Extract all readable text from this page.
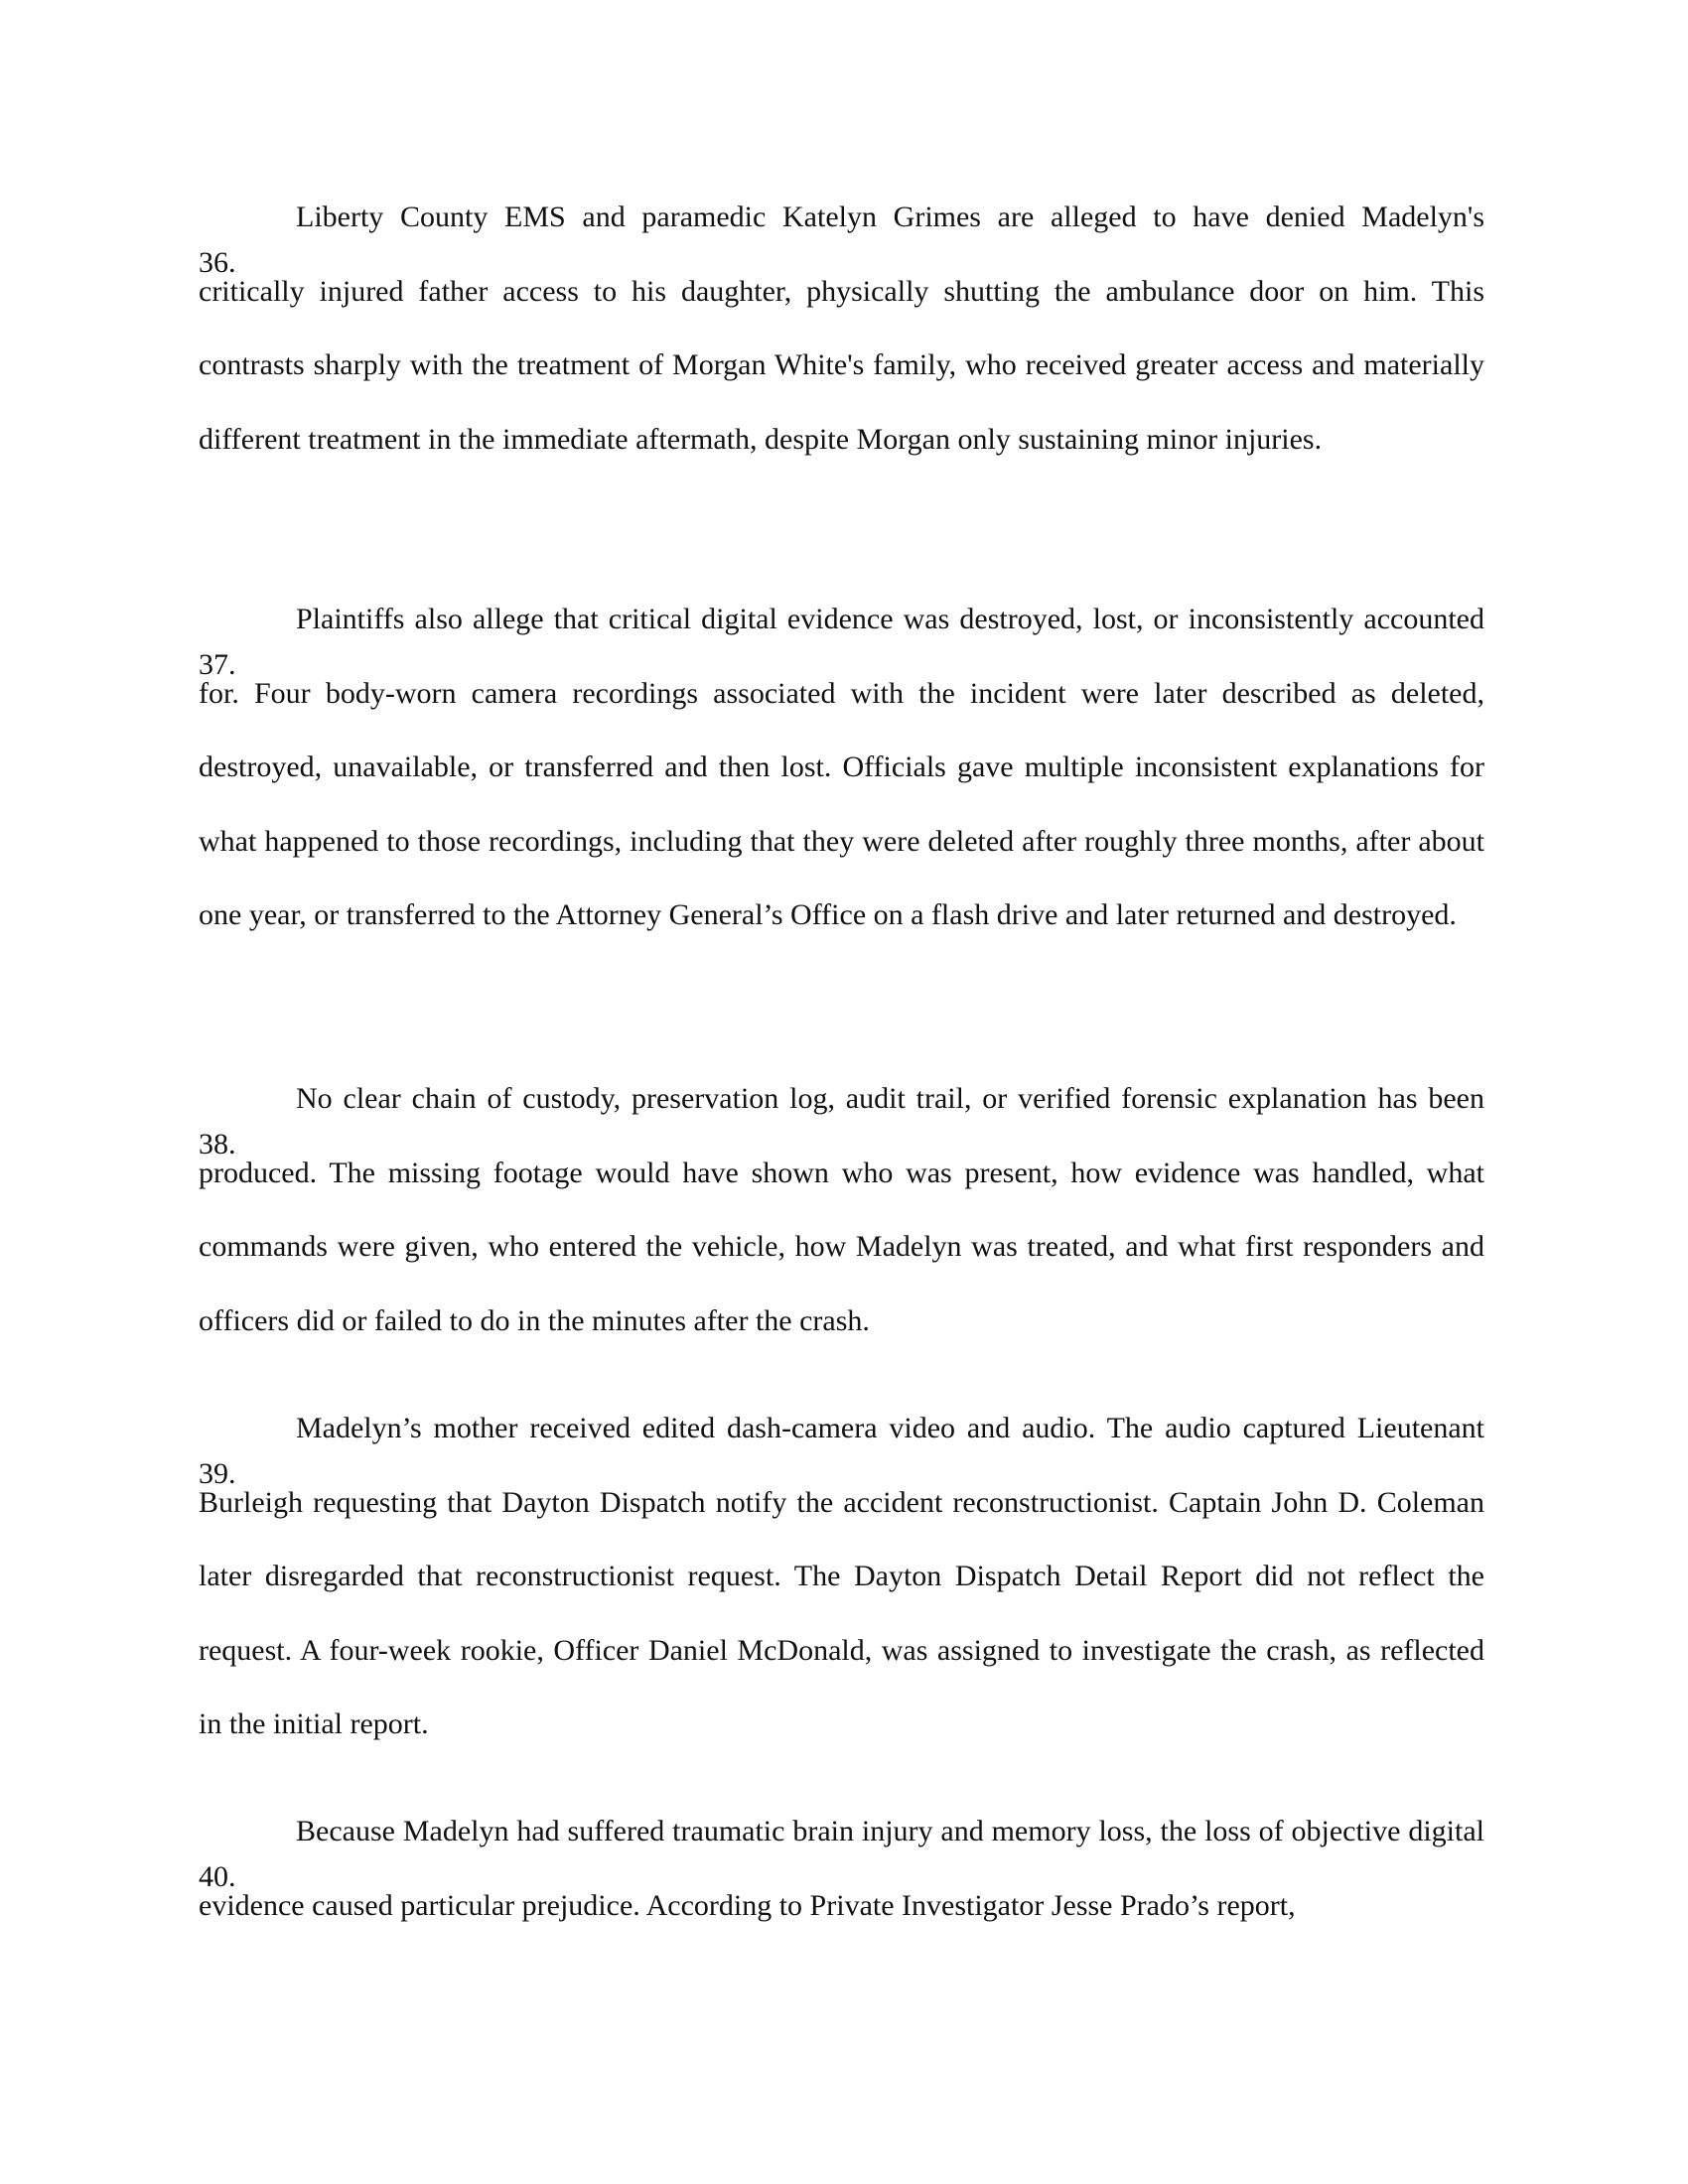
36.
Liberty County EMS and paramedic Katelyn Grimes are alleged to have denied Madelyn's critically injured father access to his daughter, physically shutting the ambulance door on him. This contrasts sharply with the treatment of Morgan White's family, who received greater access and materially different treatment in the immediate aftermath, despite Morgan only sustaining minor injuries.

37.
Plaintiffs also allege that critical digital evidence was destroyed, lost, or inconsistently accounted for. Four body-worn camera recordings associated with the incident were later described as deleted, destroyed, unavailable, or transferred and then lost. Officials gave multiple inconsistent explanations for what happened to those recordings, including that they were deleted after roughly three months, after about one year, or transferred to the Attorney General’s Office on a flash drive and later returned and destroyed.

38.
No clear chain of custody, preservation log, audit trail, or verified forensic explanation has been produced. The missing footage would have shown who was present, how evidence was handled, what commands were given, who entered the vehicle, how Madelyn was treated, and what first responders and officers did or failed to do in the minutes after the crash.

39.
Madelyn’s mother received edited dash-camera video and audio. The audio captured Lieutenant Burleigh requesting that Dayton Dispatch notify the accident reconstructionist. Captain John D. Coleman later disregarded that reconstructionist request. The Dayton Dispatch Detail Report did not reflect the request. A four-week rookie, Officer Daniel McDonald, was assigned to investigate the crash, as reflected in the initial report.

40.
Because Madelyn had suffered traumatic brain injury and memory loss, the loss of objective digital evidence caused particular prejudice. According to Private Investigator Jesse Prado’s report,
